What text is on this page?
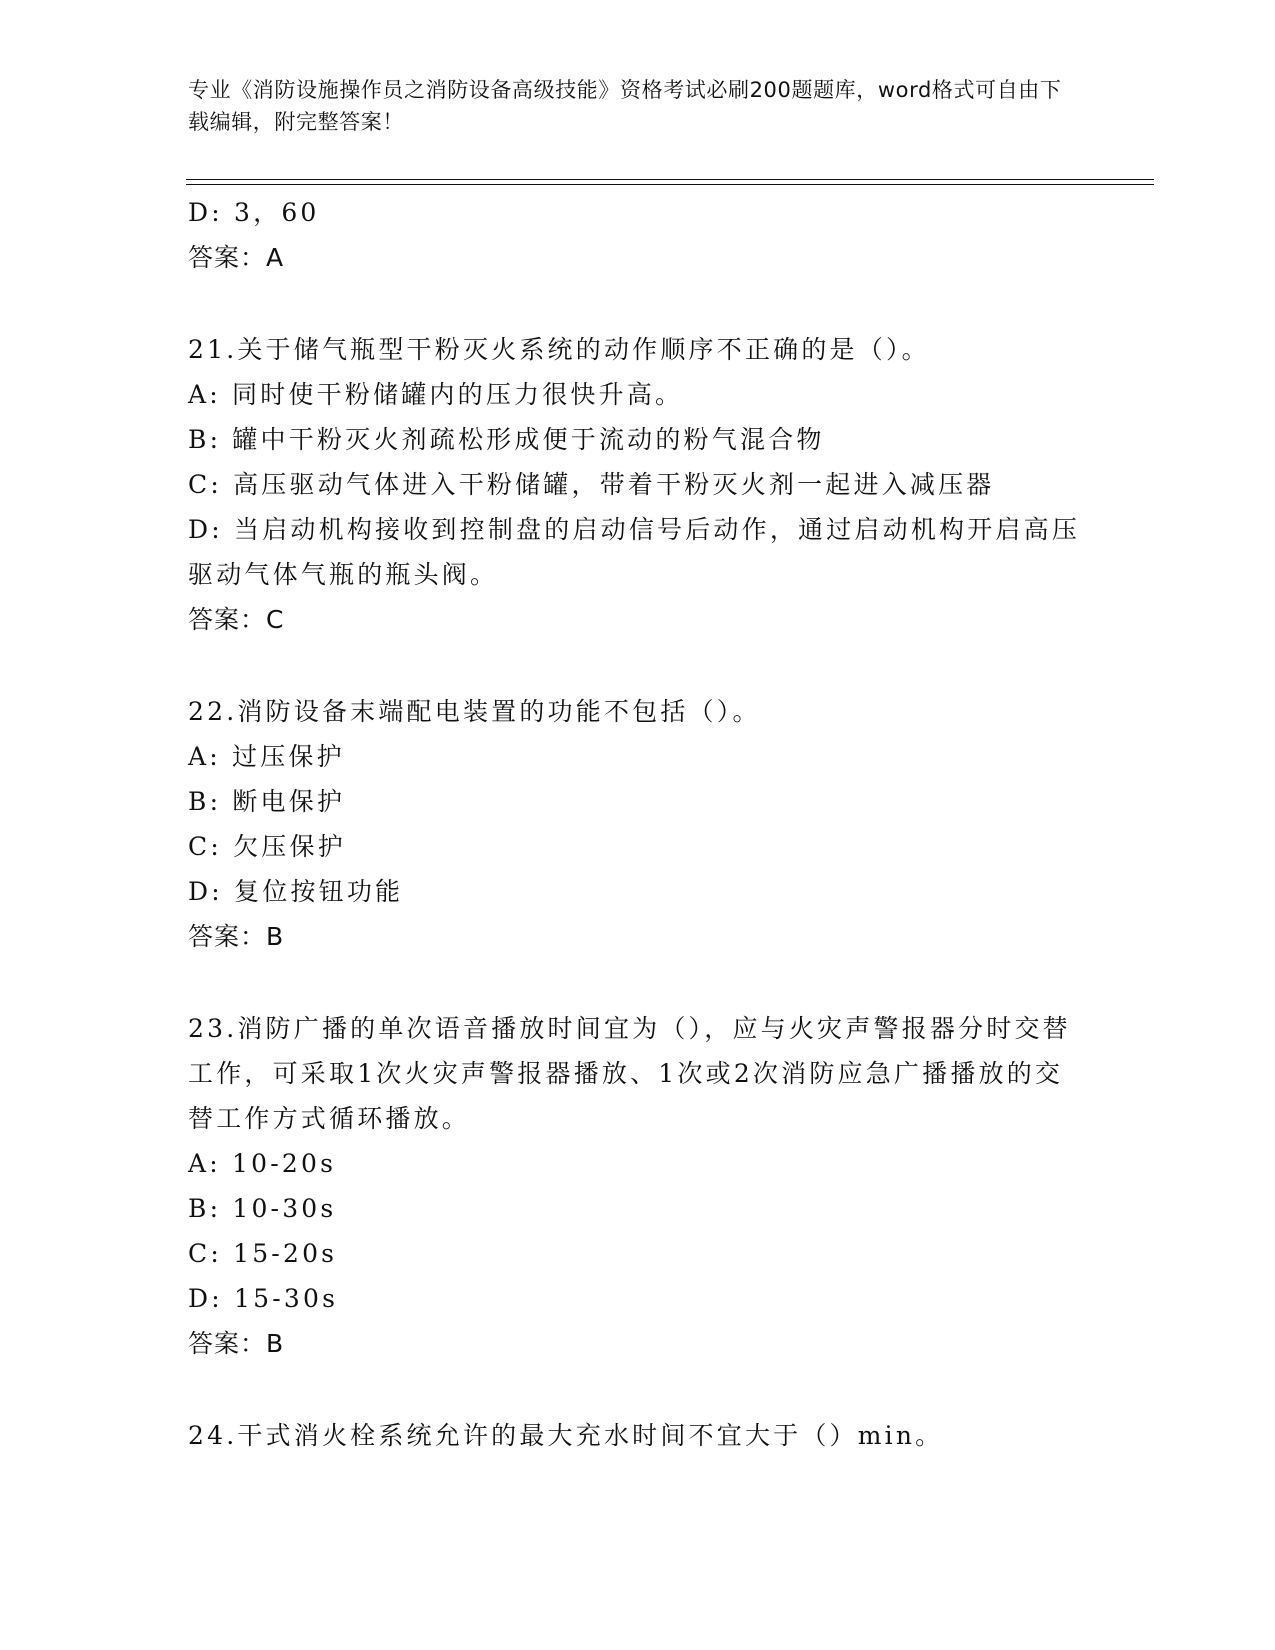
专业《消防设施操作员之消防设备高级技能》资格考试必刷200题题库，word格式可自由下载编辑，附完整答案！
D: 3，60
答案：A
21.关于储气瓶型干粉灭火系统的动作顺序不正确的是（）。
A: 同时使干粉储罐内的压力很快升高。
B: 罐中干粉灭火剂疏松形成便于流动的粉气混合物
C: 高压驱动气体进入干粉储罐，带着干粉灭火剂一起进入减压器
D: 当启动机构接收到控制盘的启动信号后动作，通过启动机构开启高压驱动气体气瓶的瓶头阀。
答案：C
22.消防设备末端配电装置的功能不包括（）。
A: 过压保护
B: 断电保护
C: 欠压保护
D: 复位按钮功能
答案：B
23.消防广播的单次语音播放时间宜为（），应与火灾声警报器分时交替工作，可采取1次火灾声警报器播放、1次或2次消防应急广播播放的交替工作方式循环播放。
A: 10-20s
B: 10-30s
C: 15-20s
D: 15-30s
答案：B
24.干式消火栓系统允许的最大充水时间不宜大于（）min。
